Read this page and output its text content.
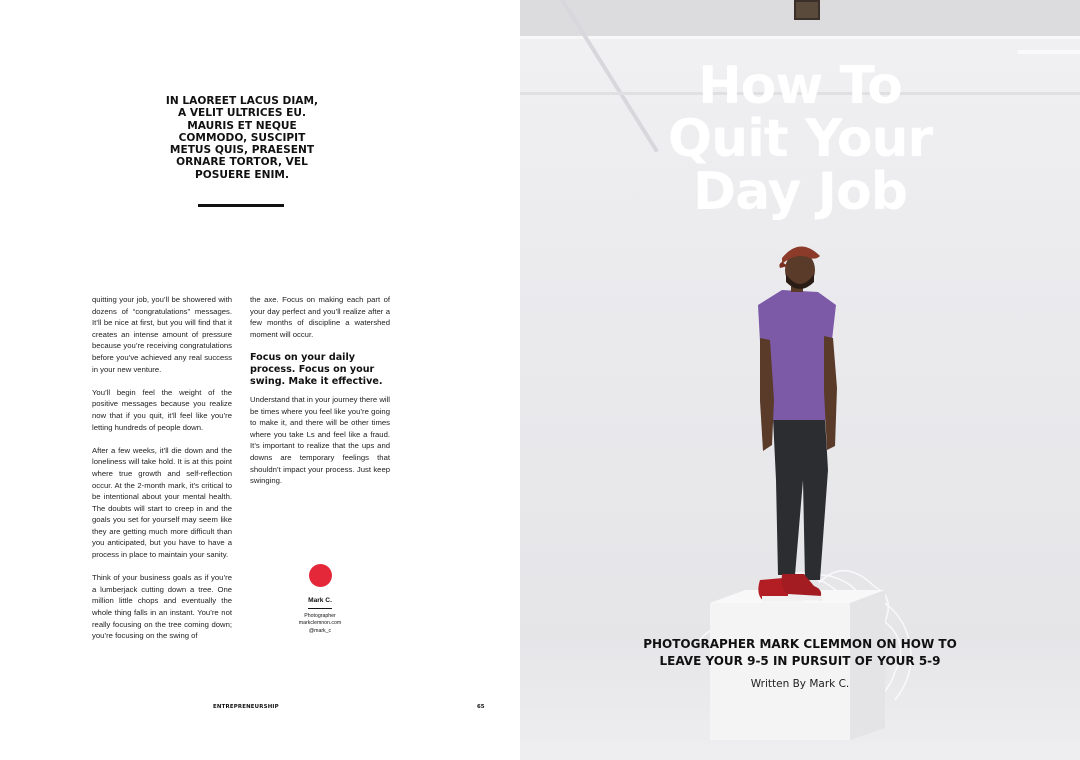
IN LAOREET LACUS DIAM, A VELIT ULTRICES EU. MAURIS ET NEQUE COMMODO, SUSCIPIT METUS QUIS, PRAESENT ORNARE TORTOR, VEL POSUERE ENIM.

quitting your job, you’ll be showered with dozens of “congratulations” messages. It’ll be nice at first, but you will find that it creates an intense amount of pressure because you’re receiving congratulations before you’ve achieved any real success in your new venture.

You’ll begin feel the weight of the positive messages because you realize now that if you quit, it’ll feel like you’re letting hundreds of people down.

After a few weeks, it’ll die down and the loneliness will take hold. It is at this point where true growth and self-reflection occur. At the 2-month mark, it’s critical to be intentional about your mental health. The doubts will start to creep in and the goals you set for yourself may seem like they are getting much more difficult than you anticipated, but you have to have a process in place to maintain your sanity.

Think of your business goals as if you’re a lumberjack cutting down a tree. One million little chops and eventually the whole thing falls in an instant. You’re not really focusing on the tree coming down; you’re focusing on the swing of

the axe. Focus on making each part of your day perfect and you’ll realize after a few months of discipline a watershed moment will occur.

Focus on your daily process. Focus on your swing. Make it effective.

Understand that in your journey there will be times where you feel like you’re going to make it, and there will be other times where you take Ls and feel like a fraud. It’s important to realize that the ups and downs are temporary feelings that shouldn’t impact your process. Just keep swinging.

Mark C.
Photographer
markclemnon.com
@mark_c
ENTREPRENEURSHIP	65
How To
Quit Your
Day Job
PHOTOGRAPHER MARK CLEMMON ON HOW TO
LEAVE YOUR 9-5 IN PURSUIT OF YOUR 5-9
Written By Mark C.
